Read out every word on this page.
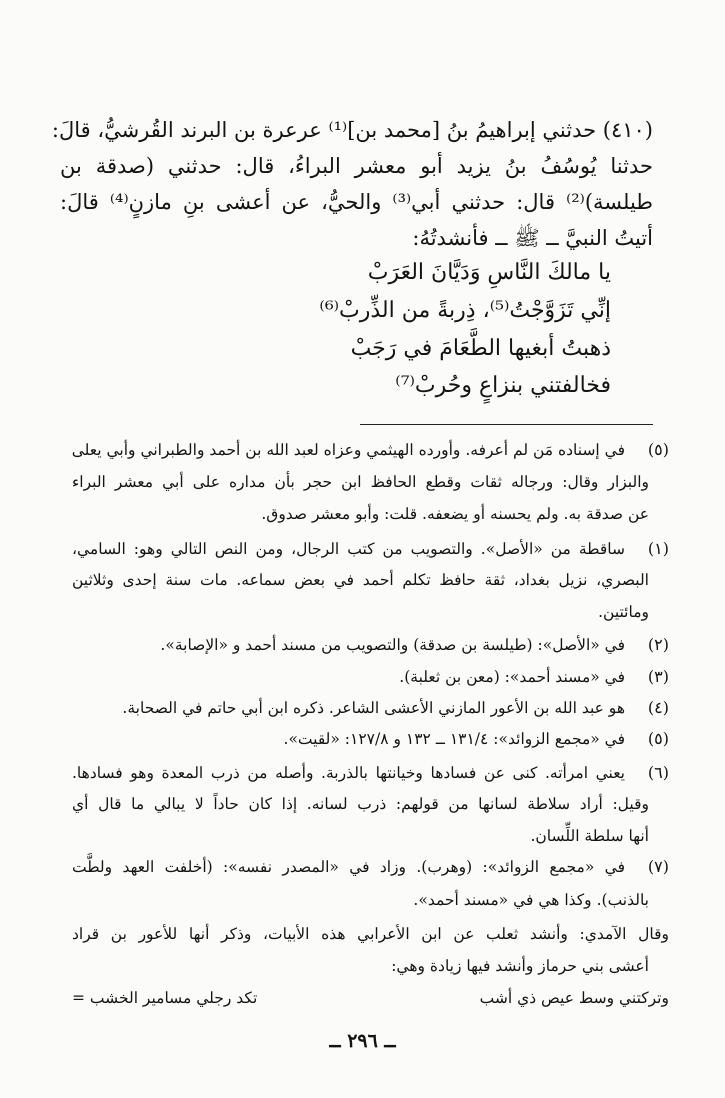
(٤١٠) حدثني إبراهيمُ بنُ [محمد بن]⁽¹⁾ عرعرة بن البرند القُرشيُّ، قالَ:
حدثنا يُوسُفُ بنُ يزيد أبو معشر البراءُ، قال: حدثني (صدقة بن
طيلسة)⁽²⁾ قال: حدثني أبي⁽³⁾ والحيُّ، عن أعشى بنِ مازنٍ⁽⁴⁾ قالَ:
أتيتُ النبيَّ ــ ﷺ ــ فأنشدتُهُ:
يا مالكَ النَّاسِ وَدَيَّانَ العَرَبْ
إنِّي تَزَوَّجْتُ⁽⁵⁾، ذِربةً من الذِّربْ⁽⁶⁾
ذهبتُ أبغيها الطَّعَامَ في رَجَبْ
فخالفتني بنزاعٍ وحُربْ⁽⁷⁾
(٥)
في إسناده مَن لم أعرفه. وأورده الهيثمي وعزاه لعبد الله بن أحمد والطبراني وأبي يعلى
والبزار وقال: ورجاله ثقات وقطع الحافظ ابن حجر بأن مداره على أبي معشر البراء
عن صدقة به. ولم يحسنه أو يضعفه. قلت: وأبو معشر صدوق.
(١)
ساقطة من «الأصل». والتصويب من كتب الرجال، ومن النص التالي وهو: السامي،
البصري، نزيل بغداد، ثقة حافظ تكلم أحمد في بعض سماعه. مات سنة إحدى وثلاثين
ومائتين.
(٢)
في «الأصل»: (طيلسة بن صدقة) والتصويب من مسند أحمد و «الإصابة».
(٣)
في «مسند أحمد»: (معن بن ثعلبة).
(٤)
هو عبد الله بن الأعور المازني الأعشى الشاعر. ذكره ابن أبي حاتم في الصحابة.
(٥)
في «مجمع الزوائد»: ١٣١/٤ ــ ١٣٢ و ١٢٧/٨: «لقيت».
(٦)
يعني امرأته. كنى عن فسادها وخيانتها بالذربة. وأصله من ذرب المعدة وهو فسادها.
وقيل: أراد سلاطة لسانها من قولهم: ذرب لسانه. إذا كان حاداً لا يبالي ما قال أي
أنها سلطة اللِّسان.
(٧)
في «مجمع الزوائد»: (وهرب). وزاد في «المصدر نفسه»: (أخلفت العهد ولطَّت
بالذنب). وكذا هي في «مسند أحمد».
وقال الآمدي: وأنشد ثعلب عن ابن الأعرابي هذه الأبيات، وذكر أنها للأعور بن قراد
أعشى بني حرماز وأنشد فيها زيادة وهي:
وتركتني وسط عيص ذي أشب
تكد رجلي مسامير الخشب =
ــ ٢٩٦ ــ
